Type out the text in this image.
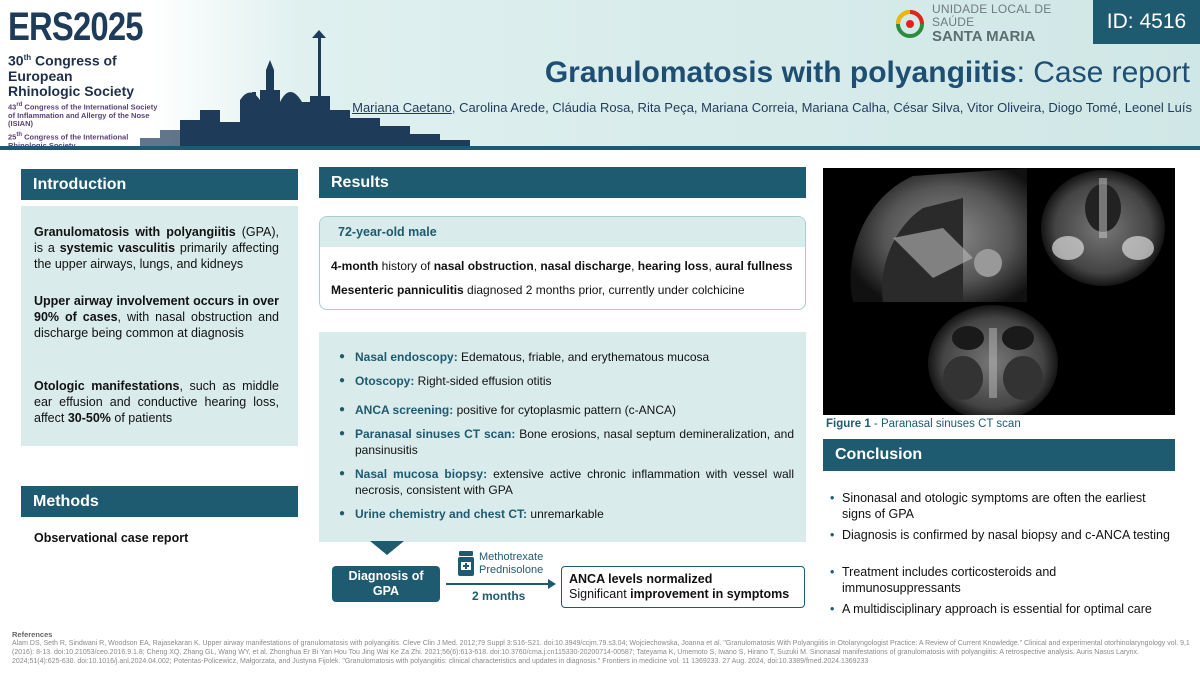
ERS2025
30th Congress of European
Rhinologic Society
43rd Congress of the International Society of Inflammation and Allergy of the Nose (ISIAN)
25th Congress of the International
UNIDADE LOCAL DE SAÚDE
SANTA MARIA
ID: 4516
Granulomatosis with polyangiitis: Case report
Mariana Caetano, Carolina Arede, Cláudia Rosa, Rita Peça, Mariana Correia, Mariana Calha, César Silva, Vitor Oliveira, Diogo Tomé, Leonel Luís
Introduction
Granulomatosis with polyangiitis (GPA), is a systemic vasculitis primarily affecting the upper airways, lungs, and kidneys
Upper airway involvement occurs in over 90% of cases, with nasal obstruction and discharge being common at diagnosis
Otologic manifestations, such as middle ear effusion and conductive hearing loss, affect 30-50% of patients
Methods
Observational case report
Results
72-year-old male
4-month history of nasal obstruction, nasal discharge, hearing loss, aural fullness
Mesenteric panniculitis diagnosed 2 months prior, currently under colchicine
● Nasal endoscopy: Edematous, friable, and erythematous mucosa
● Otoscopy: Right-sided effusion otitis
● ANCA screening: positive for cytoplasmic pattern (c-ANCA)
● Paranasal sinuses CT scan: Bone erosions, nasal septum demineralization, and pansinusitis
● Nasal mucosa biopsy: extensive active chronic inflammation with vessel wall necrosis, consistent with GPA
● Urine chemistry and chest CT: unremarkable
Diagnosis of
GPA
Methotrexate
Prednisolone
2 months
ANCA levels normalized
Significant improvement in symptoms
Figure 1 - Paranasal sinuses CT scan
Conclusion
• Sinonasal and otologic symptoms are often the earliest signs of GPA
• Diagnosis is confirmed by nasal biopsy and c-ANCA testing
• Treatment includes corticosteroids and immunosuppressants
• A multidisciplinary approach is essential for optimal care
References
Alam DS, Seth R, Sindwani R, Woodson EA, Rajasekaran K. Upper airway manifestations of granulomatosis with polyangiitis. Cleve Clin J Med. 2012;79 Suppl 3:S16-S21. doi:10.3949/ccjm.79.s3.04; Wojciechowska, Joanna et al. "Granulomatosis With Polyangiitis in Otolaryngologist Practice: A Review of Current Knowledge." Clinical and experimental otorhinolaryngology vol. 9,1 (2016): 8-13. doi:10.21053/ceo.2016.9.1.8; Cheng XQ, Zhang GL, Wang WY, et al. Zhonghua Er Bi Yan Hou Tou Jing Wai Ke Za Zhi. 2021;56(6):613-618. doi:10.3760/cma.j.cn115330-20200714-00587; Tateyama K, Umemoto S, Iwano S, Hirano T, Suzuki M. Sinonasal manifestations of granulomatosis with polyangiitis: A retrospective analysis. Auris Nasus Larynx. 2024;51(4):625-630. doi:10.1016/j.anl.2024.04.002; Potentas-Policewicz, Małgorzata, and Justyna Fijolek. "Granulomatosis with polyangiitis: clinical characteristics and updates in diagnosis." Frontiers in medicine vol. 11 1369233. 27 Aug. 2024, doi:10.3389/fmed.2024.1369233
